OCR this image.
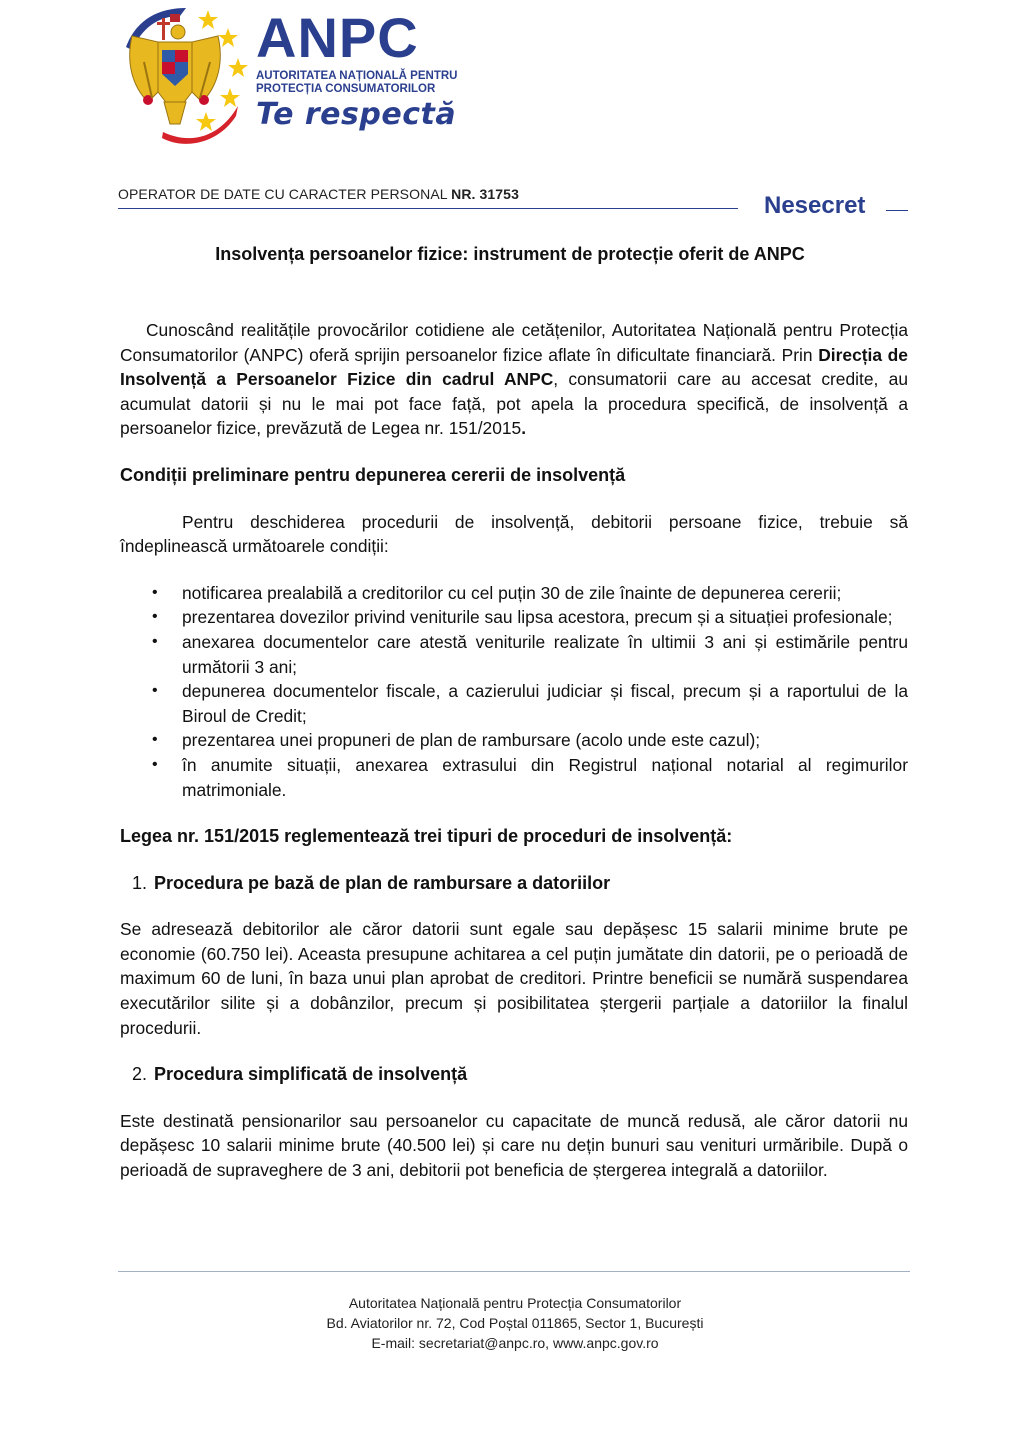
ANPC
AUTORITATEA NAȚIONALĂ PENTRU
PROTECȚIA CONSUMATORILOR
Te respectă
OPERATOR DE DATE CU CARACTER PERSONAL NR. 31753	Nesecret
Insolvența persoanelor fizice: instrument de protecție oferit de ANPC

Cunoscând realitățile provocărilor cotidiene ale cetățenilor, Autoritatea Națională pentru Protecția Consumatorilor (ANPC) oferă sprijin persoanelor fizice aflate în dificultate financiară. Prin Direcția de Insolvență a Persoanelor Fizice din cadrul ANPC, consumatorii care au accesat credite, au acumulat datorii și nu le mai pot face față, pot apela la procedura specifică, de insolvență a persoanelor fizice, prevăzută de Legea nr. 151/2015.

Condiții preliminare pentru depunerea cererii de insolvență

Pentru deschiderea procedurii de insolvență, debitorii persoane fizice, trebuie să îndeplinească următoarele condiții:

• notificarea prealabilă a creditorilor cu cel puțin 30 de zile înainte de depunerea cererii;
• prezentarea dovezilor privind veniturile sau lipsa acestora, precum și a situației profesionale;
• anexarea documentelor care atestă veniturile realizate în ultimii 3 ani și estimările pentru următorii 3 ani;
• depunerea documentelor fiscale, a cazierului judiciar și fiscal, precum și a raportului de la Biroul de Credit;
• prezentarea unei propuneri de plan de rambursare (acolo unde este cazul);
• în anumite situații, anexarea extrasului din Registrul național notarial al regimurilor matrimoniale.
Legea nr. 151/2015 reglementează trei tipuri de proceduri de insolvență:
1. Procedura pe bază de plan de rambursare a datoriilor

Se adresează debitorilor ale căror datorii sunt egale sau depășesc 15 salarii minime brute pe economie (60.750 lei). Aceasta presupune achitarea a cel puțin jumătate din datorii, pe o perioadă de maximum 60 de luni, în baza unui plan aprobat de creditori. Printre beneficii se numără suspendarea executărilor silite și a dobânzilor, precum și posibilitatea ștergerii parțiale a datoriilor la finalul procedurii.

2. Procedura simplificată de insolvență

Este destinată pensionarilor sau persoanelor cu capacitate de muncă redusă, ale căror datorii nu depășesc 10 salarii minime brute (40.500 lei) și care nu dețin bunuri sau venituri urmăribile. După o perioadă de supraveghere de 3 ani, debitorii pot beneficia de ștergerea integrală a datoriilor.

Autoritatea Națională pentru Protecția Consumatorilor
Bd. Aviatorilor nr. 72, Cod Poștal 011865, Sector 1, București
E-mail: secretariat@anpc.ro, www.anpc.gov.ro
